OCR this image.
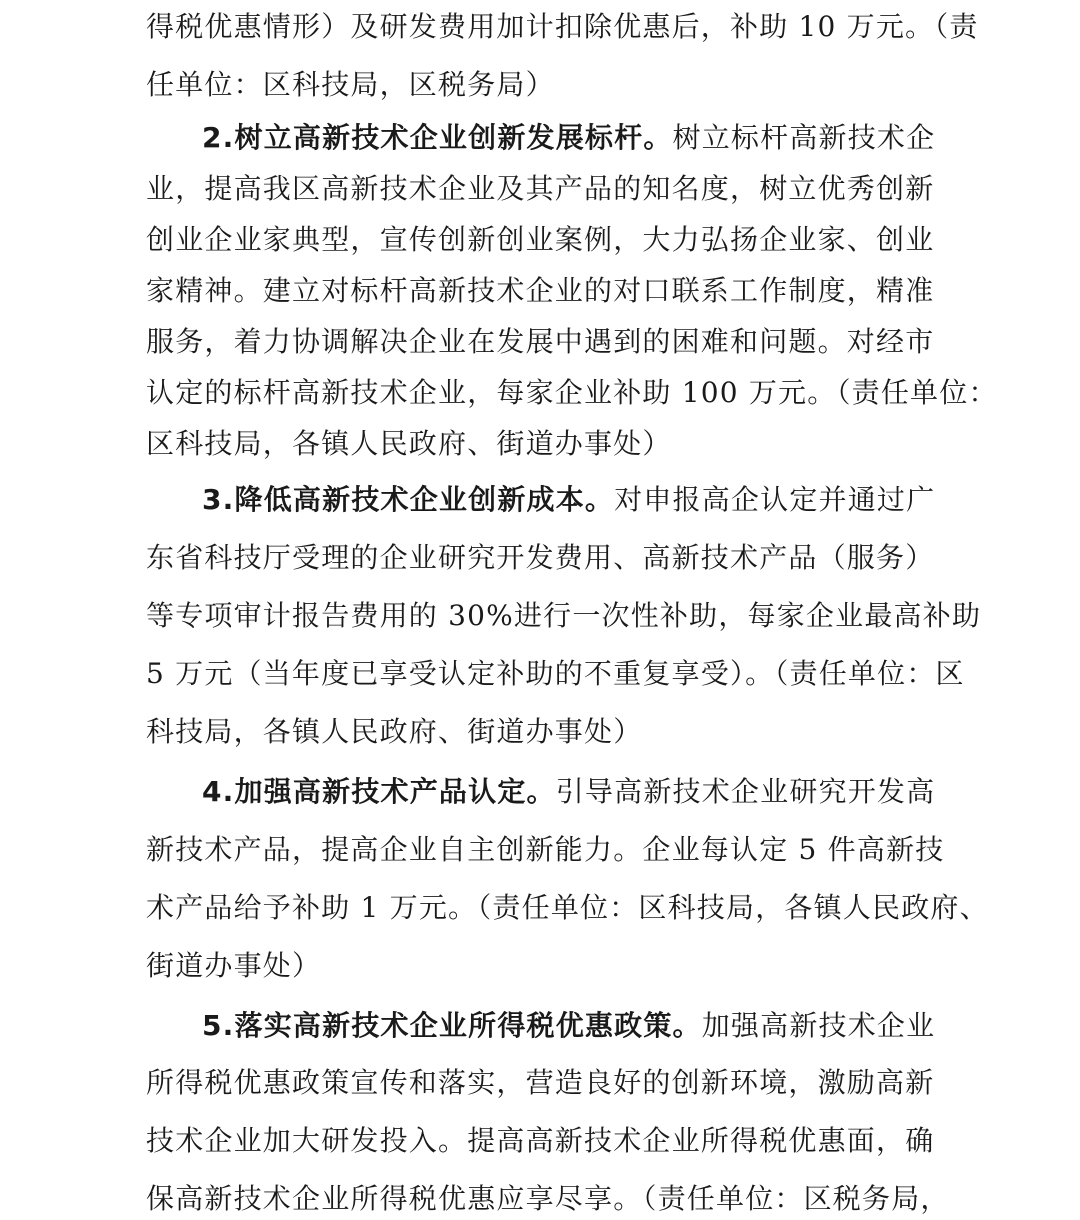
得税优惠情形）及研发费用加计扣除优惠后，补助 10 万元。（责
任单位：区科技局，区税务局）
2.树立高新技术企业创新发展标杆。树立标杆高新技术企
业，提高我区高新技术企业及其产品的知名度，树立优秀创新
创业企业家典型，宣传创新创业案例，大力弘扬企业家、创业
家精神。建立对标杆高新技术企业的对口联系工作制度，精准
服务，着力协调解决企业在发展中遇到的困难和问题。对经市
认定的标杆高新技术企业，每家企业补助 100 万元。（责任单位：
区科技局，各镇人民政府、街道办事处）
3.降低高新技术企业创新成本。对申报高企认定并通过广
东省科技厅受理的企业研究开发费用、高新技术产品（服务）
等专项审计报告费用的 30%进行一次性补助，每家企业最高补助
5 万元（当年度已享受认定补助的不重复享受）。（责任单位：区
科技局，各镇人民政府、街道办事处）
4.加强高新技术产品认定。引导高新技术企业研究开发高
新技术产品，提高企业自主创新能力。企业每认定 5 件高新技
术产品给予补助 1 万元。（责任单位：区科技局，各镇人民政府、
街道办事处）
5.落实高新技术企业所得税优惠政策。加强高新技术企业
所得税优惠政策宣传和落实，营造良好的创新环境，激励高新
技术企业加大研发投入。提高高新技术企业所得税优惠面，确
保高新技术企业所得税优惠应享尽享。（责任单位：区税务局，
